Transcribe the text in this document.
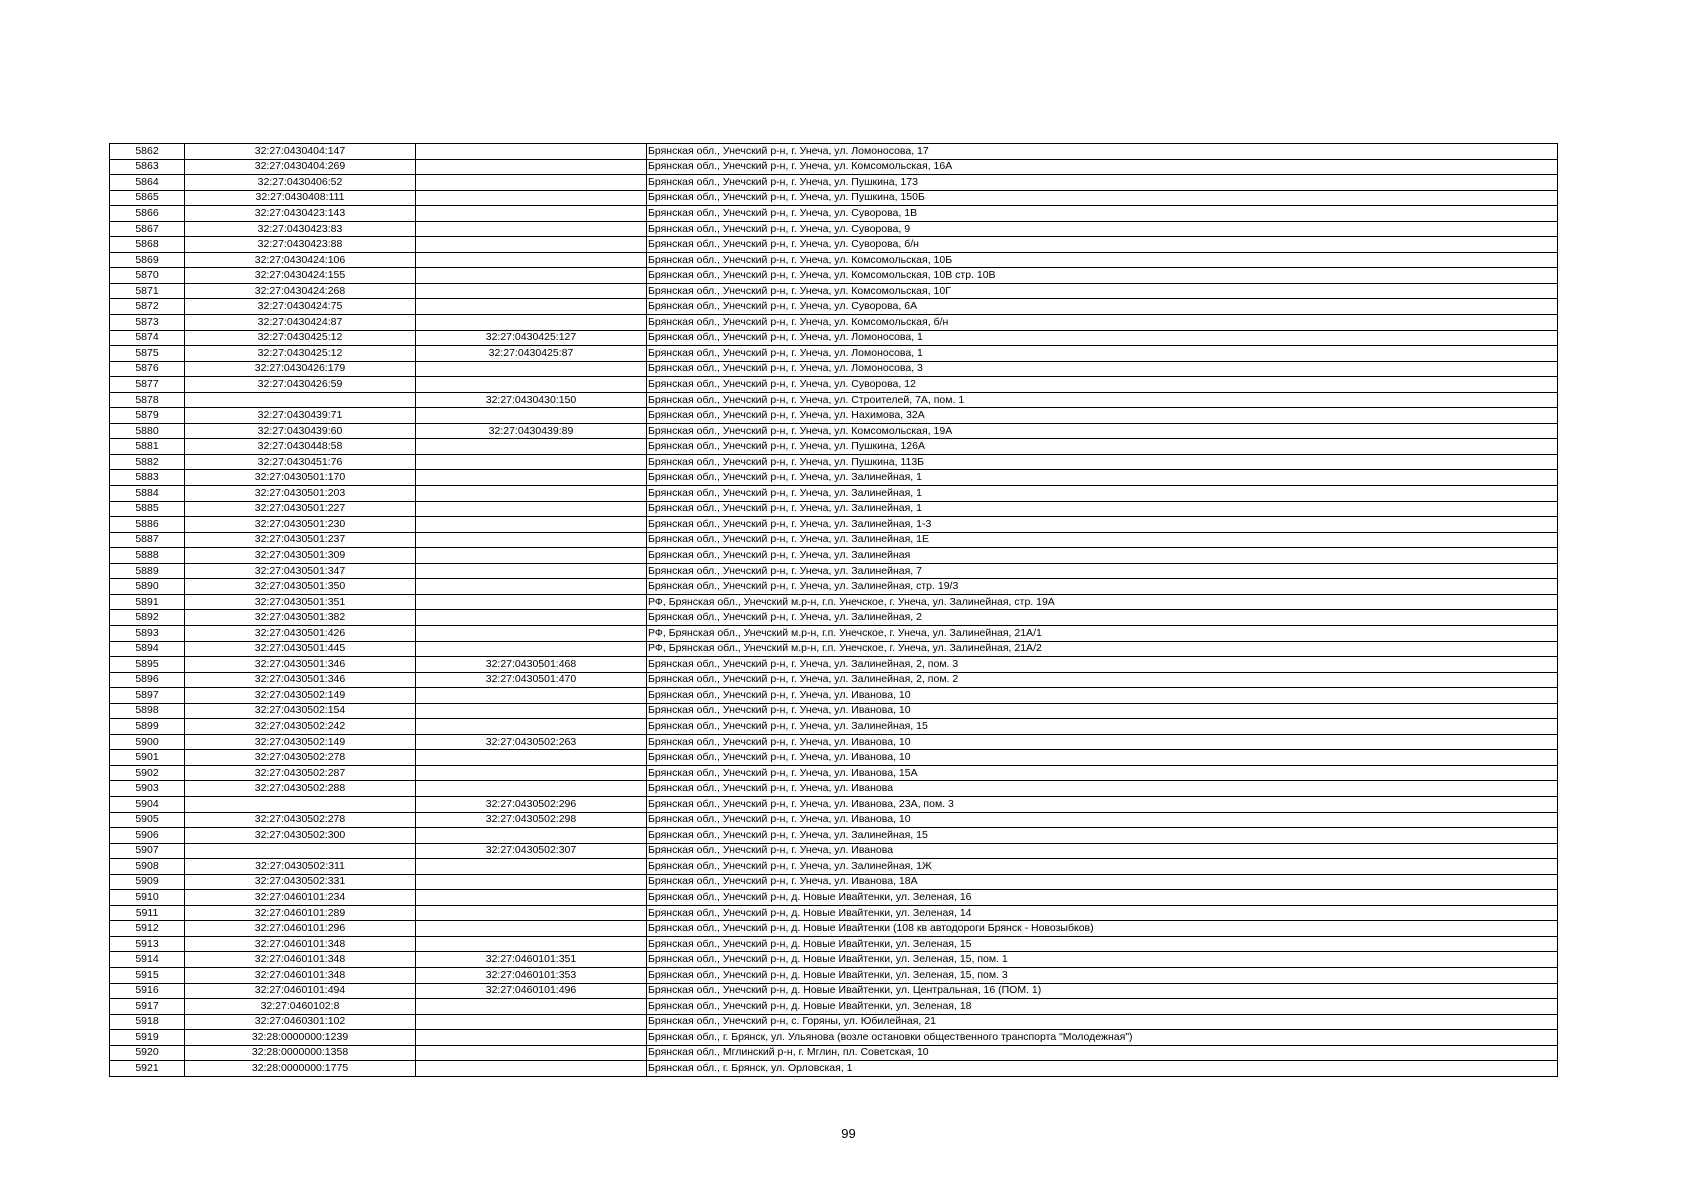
5862	32:27:0430404:147		Брянская обл., Унечский р-н, г. Унеча, ул. Ломоносова, 17
5863	32:27:0430404:269		Брянская обл., Унечский р-н, г. Унеча, ул. Комсомольская, 16А
5864	32:27:0430406:52		Брянская обл., Унечский р-н, г. Унеча, ул. Пушкина, 173
5865	32:27:0430408:111		Брянская обл., Унечский р-н, г. Унеча, ул. Пушкина, 150Б
5866	32:27:0430423:143		Брянская обл., Унечский р-н, г. Унеча, ул. Суворова, 1В
5867	32:27:0430423:83		Брянская обл., Унечский р-н, г. Унеча, ул. Суворова, 9
5868	32:27:0430423:88		Брянская обл., Унечский р-н, г. Унеча, ул. Суворова, б/н
5869	32:27:0430424:106		Брянская обл., Унечский р-н, г. Унеча, ул. Комсомольская, 10Б
5870	32:27:0430424:155		Брянская обл., Унечский р-н, г. Унеча, ул. Комсомольская, 10В стр. 10В
5871	32:27:0430424:268		Брянская обл., Унечский р-н, г. Унеча, ул. Комсомольская, 10Г
5872	32:27:0430424:75		Брянская обл., Унечский р-н, г. Унеча, ул. Суворова, 6А
5873	32:27:0430424:87		Брянская обл., Унечский р-н, г. Унеча, ул. Комсомольская, б/н
5874	32:27:0430425:12	32:27:0430425:127	Брянская обл., Унечский р-н, г. Унеча, ул. Ломоносова, 1
5875	32:27:0430425:12	32:27:0430425:87	Брянская обл., Унечский р-н, г. Унеча, ул. Ломоносова, 1
5876	32:27:0430426:179		Брянская обл., Унечский р-н, г. Унеча, ул. Ломоносова, 3
5877	32:27:0430426:59		Брянская обл., Унечский р-н, г. Унеча, ул. Суворова, 12
5878		32:27:0430430:150	Брянская обл., Унечский р-н, г. Унеча, ул. Строителей, 7А, пом. 1
5879	32:27:0430439:71		Брянская обл., Унечский р-н, г. Унеча, ул. Нахимова, 32А
5880	32:27:0430439:60	32:27:0430439:89	Брянская обл., Унечский р-н, г. Унеча, ул. Комсомольская, 19А
5881	32:27:0430448:58		Брянская обл., Унечский р-н, г. Унеча, ул. Пушкина, 126А
5882	32:27:0430451:76		Брянская обл., Унечский р-н, г. Унеча, ул. Пушкина, 113Б
5883	32:27:0430501:170		Брянская обл., Унечский р-н, г. Унеча, ул. Залинейная, 1
5884	32:27:0430501:203		Брянская обл., Унечский р-н, г. Унеча, ул. Залинейная, 1
5885	32:27:0430501:227		Брянская обл., Унечский р-н, г. Унеча, ул. Залинейная, 1
5886	32:27:0430501:230		Брянская обл., Унечский р-н, г. Унеча, ул. Залинейная, 1-3
5887	32:27:0430501:237		Брянская обл., Унечский р-н, г. Унеча, ул. Залинейная, 1Е
5888	32:27:0430501:309		Брянская обл., Унечский р-н, г. Унеча, ул. Залинейная
5889	32:27:0430501:347		Брянская обл., Унечский р-н, г. Унеча, ул. Залинейная, 7
5890	32:27:0430501:350		Брянская обл., Унечский р-н, г. Унеча, ул. Залинейная, стр. 19/3
5891	32:27:0430501:351		РФ, Брянская обл., Унечский м.р-н, г.п. Унечское, г. Унеча, ул. Залинейная, стр. 19А
5892	32:27:0430501:382		Брянская обл., Унечский р-н, г. Унеча, ул. Залинейная, 2
5893	32:27:0430501:426		РФ, Брянская обл., Унечский м.р-н, г.п. Унечское, г. Унеча, ул. Залинейная, 21А/1
5894	32:27:0430501:445		РФ, Брянская обл., Унечский м.р-н, г.п. Унечское, г. Унеча, ул. Залинейная, 21А/2
5895	32:27:0430501:346	32:27:0430501:468	Брянская обл., Унечский р-н, г. Унеча, ул. Залинейная, 2, пом. 3
5896	32:27:0430501:346	32:27:0430501:470	Брянская обл., Унечский р-н, г. Унеча, ул. Залинейная, 2, пом. 2
5897	32:27:0430502:149		Брянская обл., Унечский р-н, г. Унеча, ул. Иванова, 10
5898	32:27:0430502:154		Брянская обл., Унечский р-н, г. Унеча, ул. Иванова, 10
5899	32:27:0430502:242		Брянская обл., Унечский р-н, г. Унеча, ул. Залинейная, 15
5900	32:27:0430502:149	32:27:0430502:263	Брянская обл., Унечский р-н, г. Унеча, ул. Иванова, 10
5901	32:27:0430502:278		Брянская обл., Унечский р-н, г. Унеча, ул. Иванова, 10
5902	32:27:0430502:287		Брянская обл., Унечский р-н, г. Унеча, ул. Иванова, 15А
5903	32:27:0430502:288		Брянская обл., Унечский р-н, г. Унеча, ул. Иванова
5904		32:27:0430502:296	Брянская обл., Унечский р-н, г. Унеча, ул. Иванова, 23А, пом. 3
5905	32:27:0430502:278	32:27:0430502:298	Брянская обл., Унечский р-н, г. Унеча, ул. Иванова, 10
5906	32:27:0430502:300		Брянская обл., Унечский р-н, г. Унеча, ул. Залинейная, 15
5907		32:27:0430502:307	Брянская обл., Унечский р-н, г. Унеча, ул. Иванова
5908	32:27:0430502:311		Брянская обл., Унечский р-н, г. Унеча, ул. Залинейная, 1Ж
5909	32:27:0430502:331		Брянская обл., Унечский р-н, г. Унеча, ул. Иванова, 18А
5910	32:27:0460101:234		Брянская обл., Унечский р-н, д. Новые Ивайтенки, ул. Зеленая, 16
5911	32:27:0460101:289		Брянская обл., Унечский р-н, д. Новые Ивайтенки, ул. Зеленая, 14
5912	32:27:0460101:296		Брянская обл., Унечский р-н, д. Новые Ивайтенки (108 кв автодороги Брянск - Новозыбков)
5913	32:27:0460101:348		Брянская обл., Унечский р-н, д. Новые Ивайтенки, ул. Зеленая, 15
5914	32:27:0460101:348	32:27:0460101:351	Брянская обл., Унечский р-н, д. Новые Ивайтенки, ул. Зеленая, 15, пом. 1
5915	32:27:0460101:348	32:27:0460101:353	Брянская обл., Унечский р-н, д. Новые Ивайтенки, ул. Зеленая, 15, пом. 3
5916	32:27:0460101:494	32:27:0460101:496	Брянская обл., Унечский р-н, д. Новые Ивайтенки, ул. Центральная, 16 (ПОМ. 1)
5917	32:27:0460102:8		Брянская обл., Унечский р-н, д. Новые Ивайтенки, ул. Зеленая, 18
5918	32:27:0460301:102		Брянская обл., Унечский р-н, с. Горяны, ул. Юбилейная, 21
5919	32:28:0000000:1239		Брянская обл., г. Брянск, ул. Ульянова (возле остановки общественного транспорта "Молодежная")
5920	32:28:0000000:1358		Брянская обл., Мглинский р-н, г. Мглин, пл. Советская, 10
5921	32:28:0000000:1775		Брянская обл., г. Брянск, ул. Орловская, 1
99
